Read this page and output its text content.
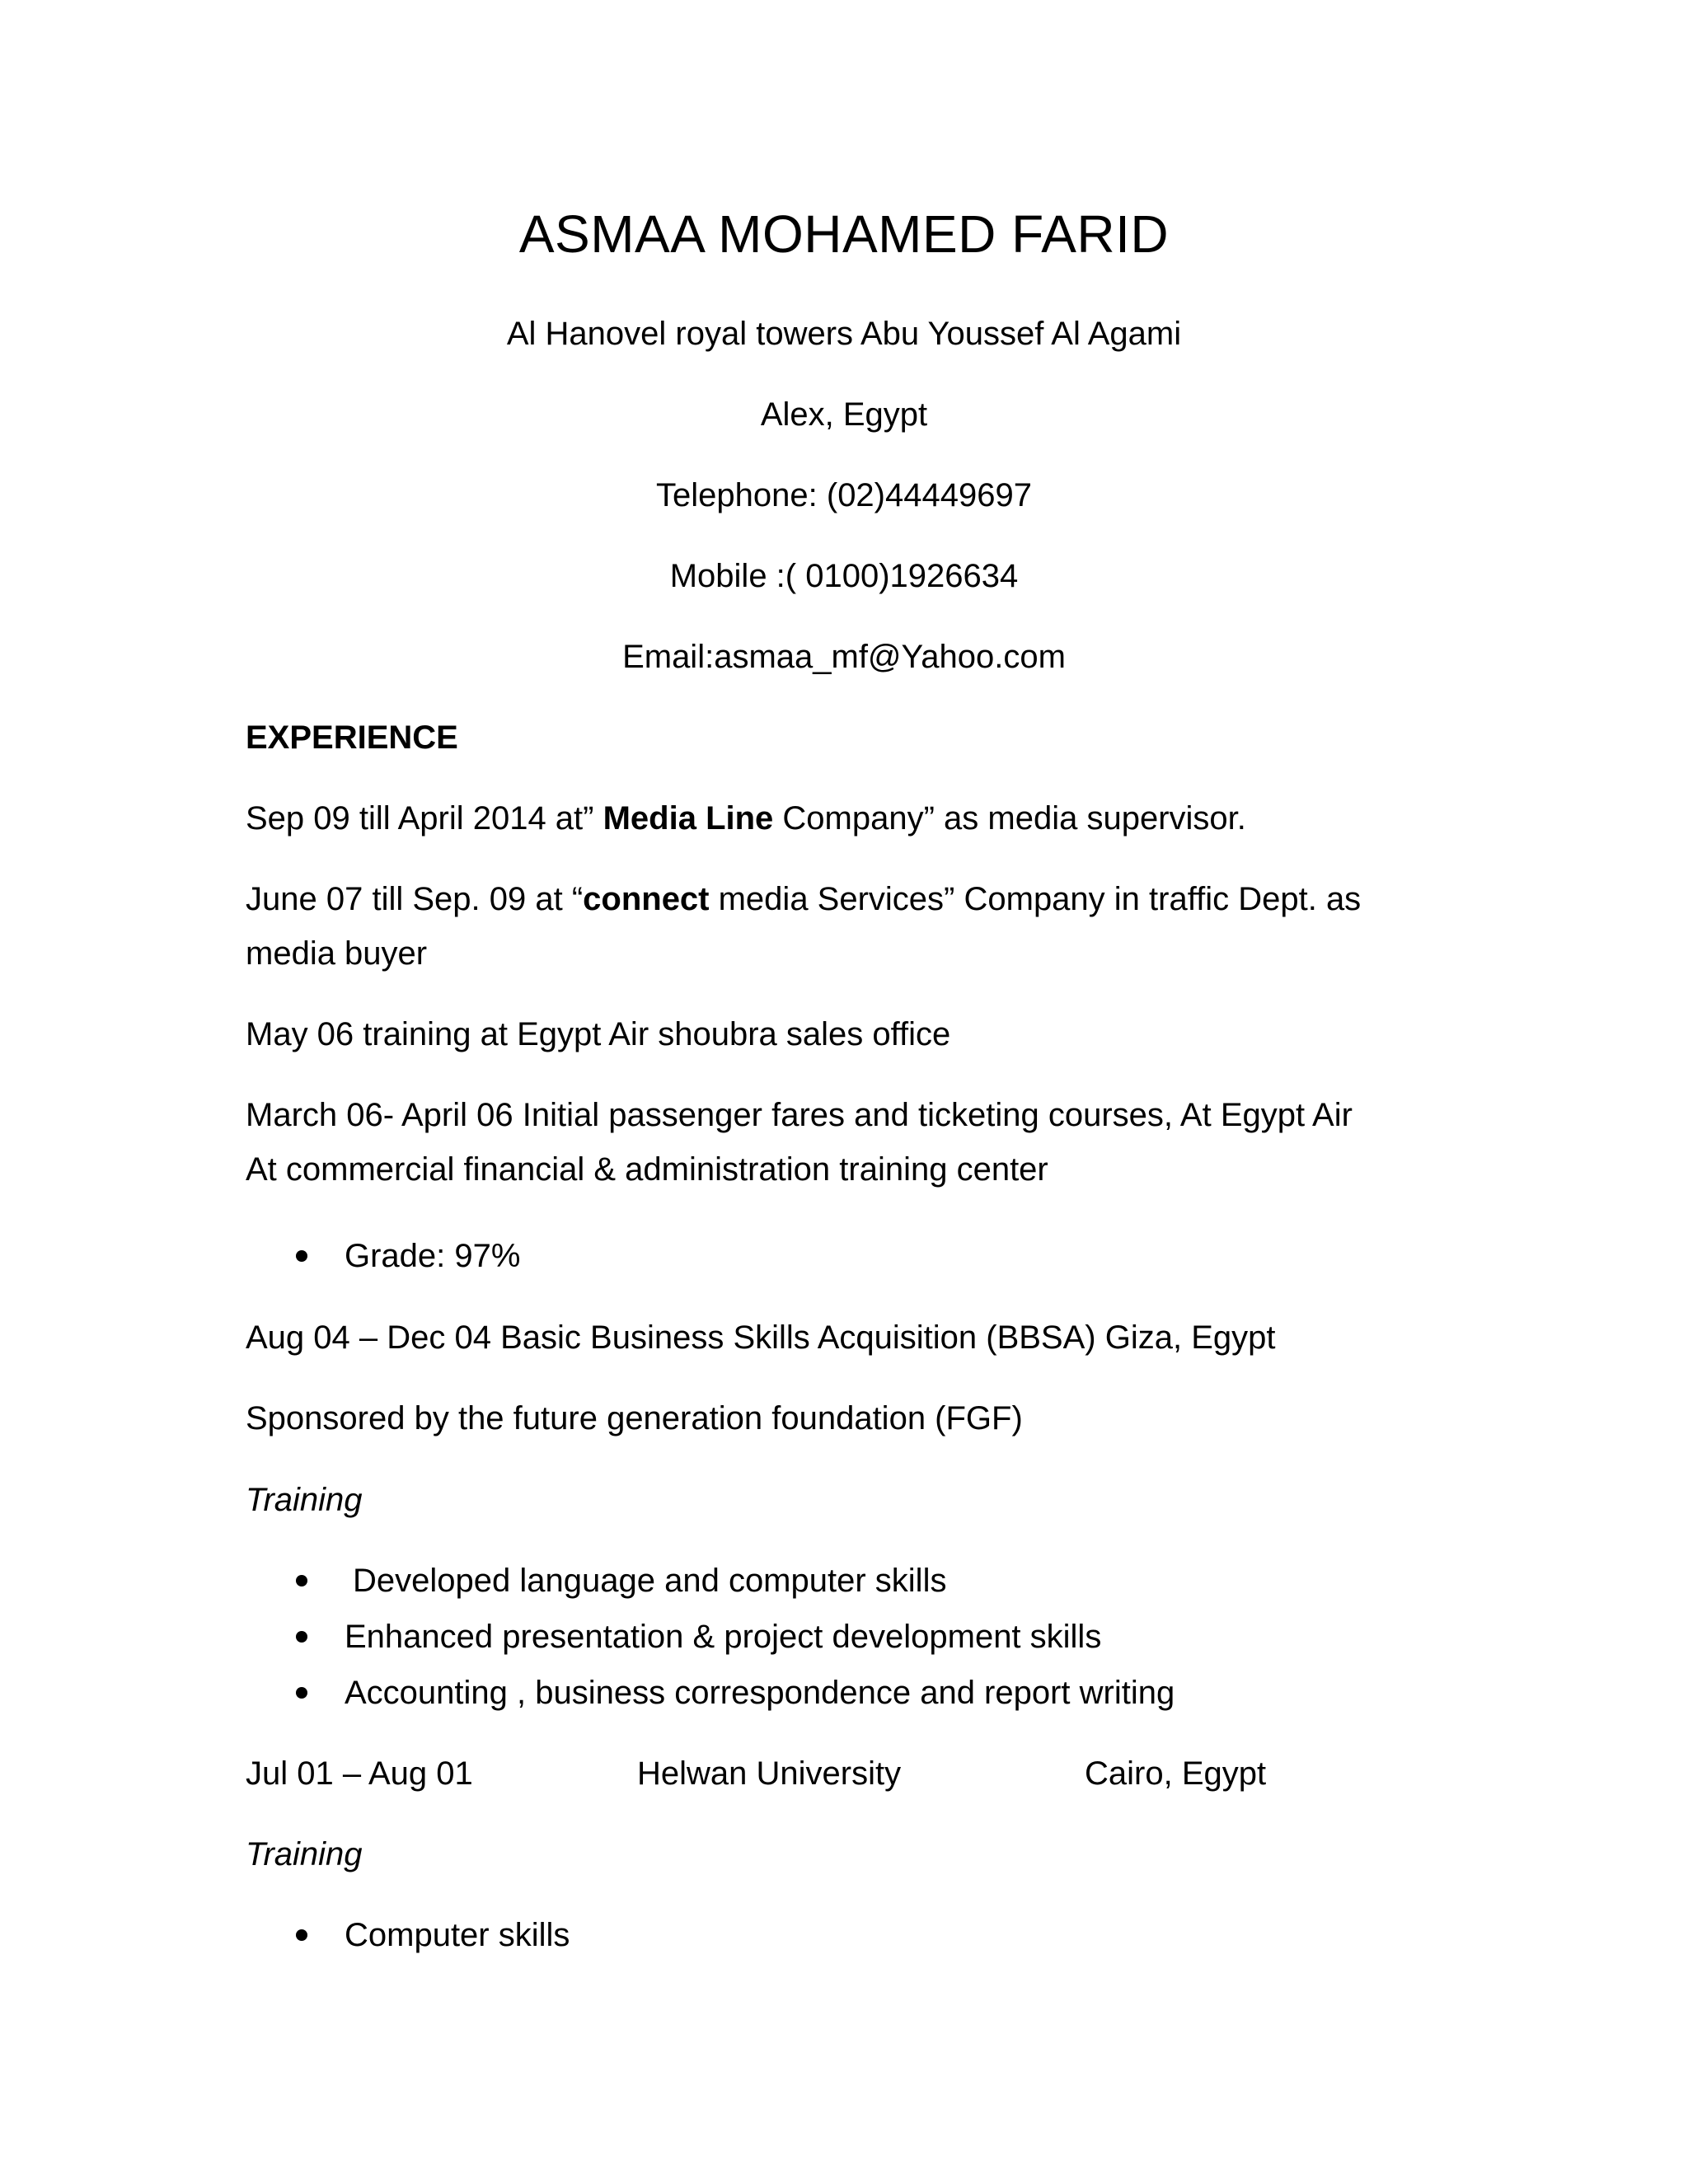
ASMAA MOHAMED FARID
Al Hanovel royal towers Abu Youssef Al Agami
Alex, Egypt
Telephone: (02)44449697
Mobile :( 0100)1926634
Email:asmaa_mf@Yahoo.com
EXPERIENCE
Sep 09 till April 2014 at” Media Line Company” as media supervisor.
June 07 till Sep. 09 at “connect media Services” Company in traffic Dept. as
media buyer
May 06 training at Egypt Air shoubra sales office
March 06- April 06 Initial passenger fares and ticketing courses, At Egypt Air
At commercial financial & administration training center
Grade: 97%
Aug 04 – Dec 04 Basic Business Skills Acquisition (BBSA) Giza, Egypt
Sponsored by the future generation foundation (FGF)
Training
Developed language and computer skills
Enhanced presentation & project development skills
Accounting , business correspondence and report writing
Jul 01 – Aug 01	Helwan University	Cairo, Egypt
Training
Computer skills
